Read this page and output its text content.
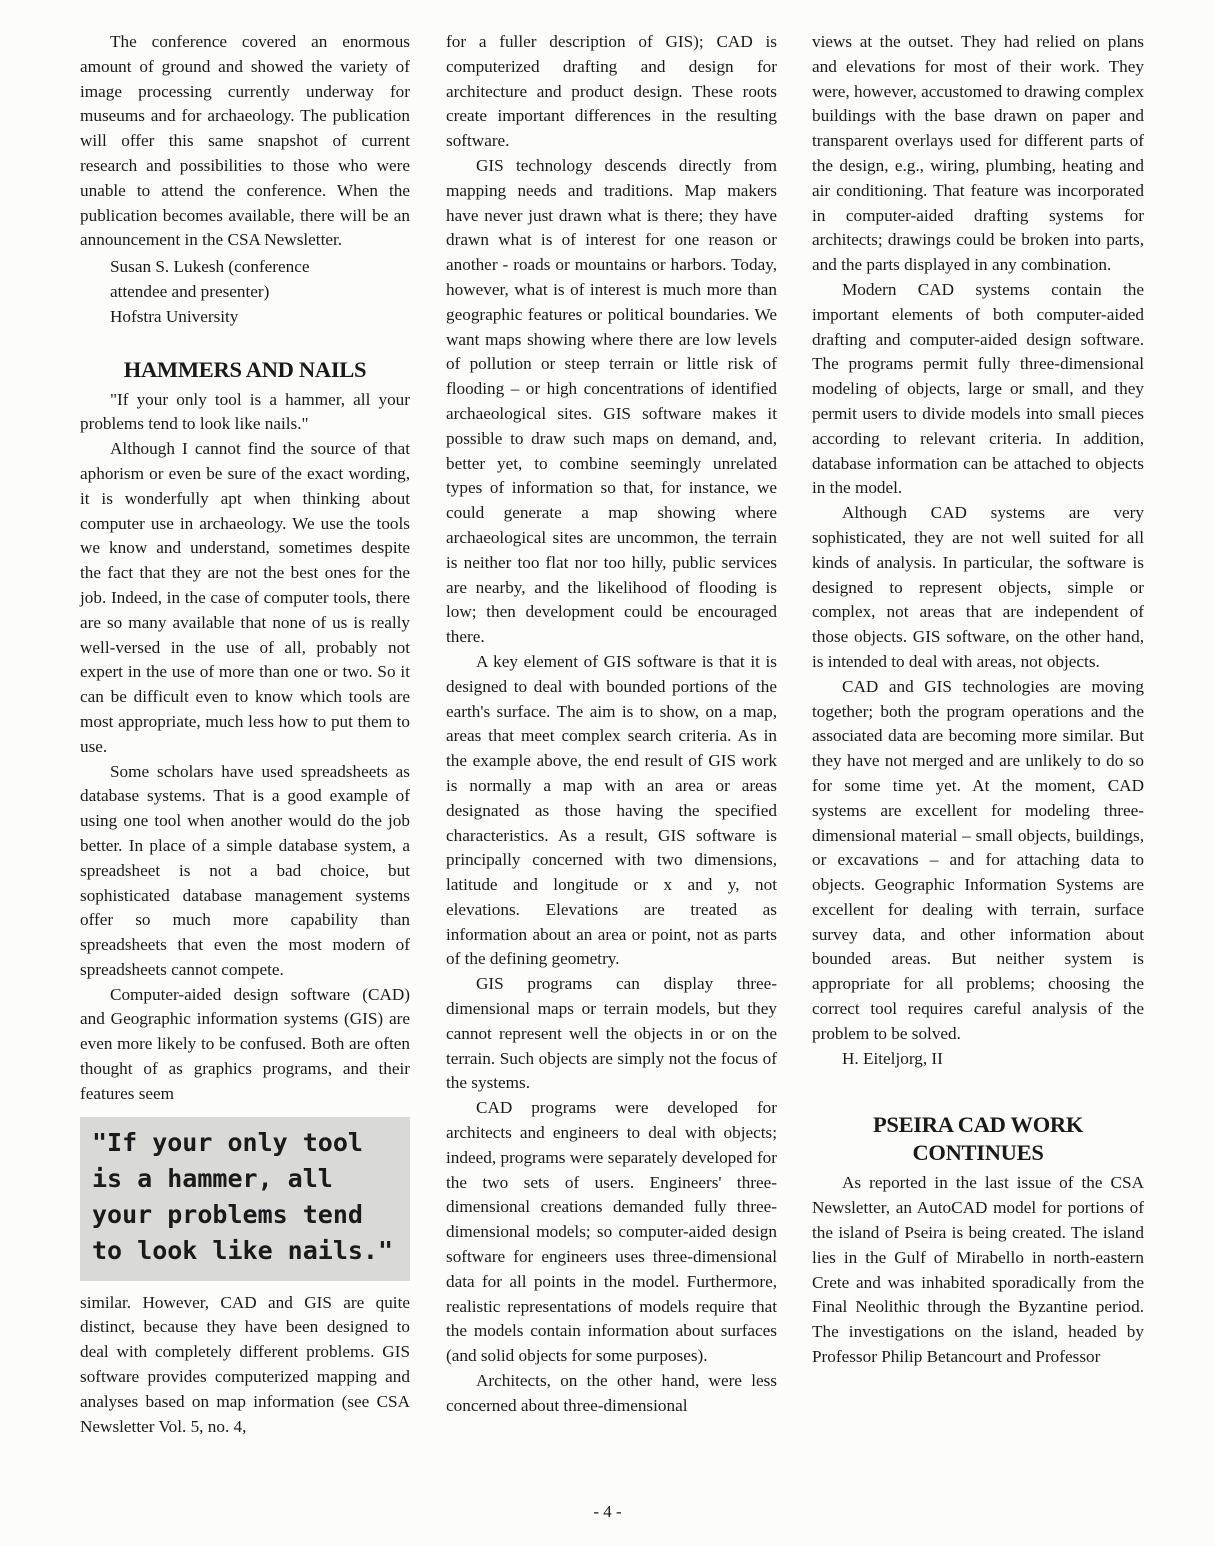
The conference covered an enormous amount of ground and showed the variety of image processing currently underway for museums and for archaeology. The publication will offer this same snapshot of current research and possibilities to those who were unable to attend the conference. When the publication becomes available, there will be an announcement in the CSA Newsletter.

Susan S. Lukesh (conference

attendee and presenter)

Hofstra University

HAMMERS AND NAILS

"If your only tool is a hammer, all your problems tend to look like nails."

Although I cannot find the source of that aphorism or even be sure of the exact wording, it is wonderfully apt when thinking about computer use in archaeology. We use the tools we know and understand, sometimes despite the fact that they are not the best ones for the job. Indeed, in the case of computer tools, there are so many available that none of us is really well-versed in the use of all, probably not expert in the use of more than one or two. So it can be difficult even to know which tools are most appropriate, much less how to put them to use.

Some scholars have used spreadsheets as database systems. That is a good example of using one tool when another would do the job better. In place of a simple database system, a spreadsheet is not a bad choice, but sophisticated database management systems offer so much more capability than spreadsheets that even the most modern of spreadsheets cannot compete.

Computer-aided design software (CAD) and Geographic information systems (GIS) are even more likely to be confused. Both are often thought of as graphics programs, and their features seem

"If your only tool is a hammer, all your problems tend to look like nails."

similar. However, CAD and GIS are quite distinct, because they have been designed to deal with completely different problems. GIS software provides computerized mapping and analyses based on map information (see CSA Newsletter Vol. 5, no. 4,

for a fuller description of GIS); CAD is computerized drafting and design for architecture and product design. These roots create important differences in the resulting software.

GIS technology descends directly from mapping needs and traditions. Map makers have never just drawn what is there; they have drawn what is of interest for one reason or another - roads or mountains or harbors. Today, however, what is of interest is much more than geographic features or political boundaries. We want maps showing where there are low levels of pollution or steep terrain or little risk of flooding – or high concentrations of identified archaeological sites. GIS software makes it possible to draw such maps on demand, and, better yet, to combine seemingly unrelated types of information so that, for instance, we could generate a map showing where archaeological sites are uncommon, the terrain is neither too flat nor too hilly, public services are nearby, and the likelihood of flooding is low; then development could be encouraged there.

A key element of GIS software is that it is designed to deal with bounded portions of the earth's surface. The aim is to show, on a map, areas that meet complex search criteria. As in the example above, the end result of GIS work is normally a map with an area or areas designated as those having the specified characteristics. As a result, GIS software is principally concerned with two dimensions, latitude and longitude or x and y, not elevations. Elevations are treated as information about an area or point, not as parts of the defining geometry.

GIS programs can display three-dimensional maps or terrain models, but they cannot represent well the objects in or on the terrain. Such objects are simply not the focus of the systems.

CAD programs were developed for architects and engineers to deal with objects; indeed, programs were separately developed for the two sets of users. Engineers' three-dimensional creations demanded fully three-dimensional models; so computer-aided design software for engineers uses three-dimensional data for all points in the model. Furthermore, realistic representations of models require that the models contain information about surfaces (and solid objects for some purposes).

Architects, on the other hand, were less concerned about three-dimensional

views at the outset. They had relied on plans and elevations for most of their work. They were, however, accustomed to drawing complex buildings with the base drawn on paper and transparent overlays used for different parts of the design, e.g., wiring, plumbing, heating and air conditioning. That feature was incorporated in computer-aided drafting systems for architects; drawings could be broken into parts, and the parts displayed in any combination.

Modern CAD systems contain the important elements of both computer-aided drafting and computer-aided design software. The programs permit fully three-dimensional modeling of objects, large or small, and they permit users to divide models into small pieces according to relevant criteria. In addition, database information can be attached to objects in the model.

Although CAD systems are very sophisticated, they are not well suited for all kinds of analysis. In particular, the software is designed to represent objects, simple or complex, not areas that are independent of those objects. GIS software, on the other hand, is intended to deal with areas, not objects.

CAD and GIS technologies are moving together; both the program operations and the associated data are becoming more similar. But they have not merged and are unlikely to do so for some time yet. At the moment, CAD systems are excellent for modeling three-dimensional material – small objects, buildings, or excavations – and for attaching data to objects. Geographic Information Systems are excellent for dealing with terrain, surface survey data, and other information about bounded areas. But neither system is appropriate for all problems; choosing the correct tool requires careful analysis of the problem to be solved.

H. Eiteljorg, II

PSEIRA CAD WORK
CONTINUES

As reported in the last issue of the CSA Newsletter, an AutoCAD model for portions of the island of Pseira is being created. The island lies in the Gulf of Mirabello in north-eastern Crete and was inhabited sporadically from the Final Neolithic through the Byzantine period. The investigations on the island, headed by Professor Philip Betancourt and Professor

- 4 -
